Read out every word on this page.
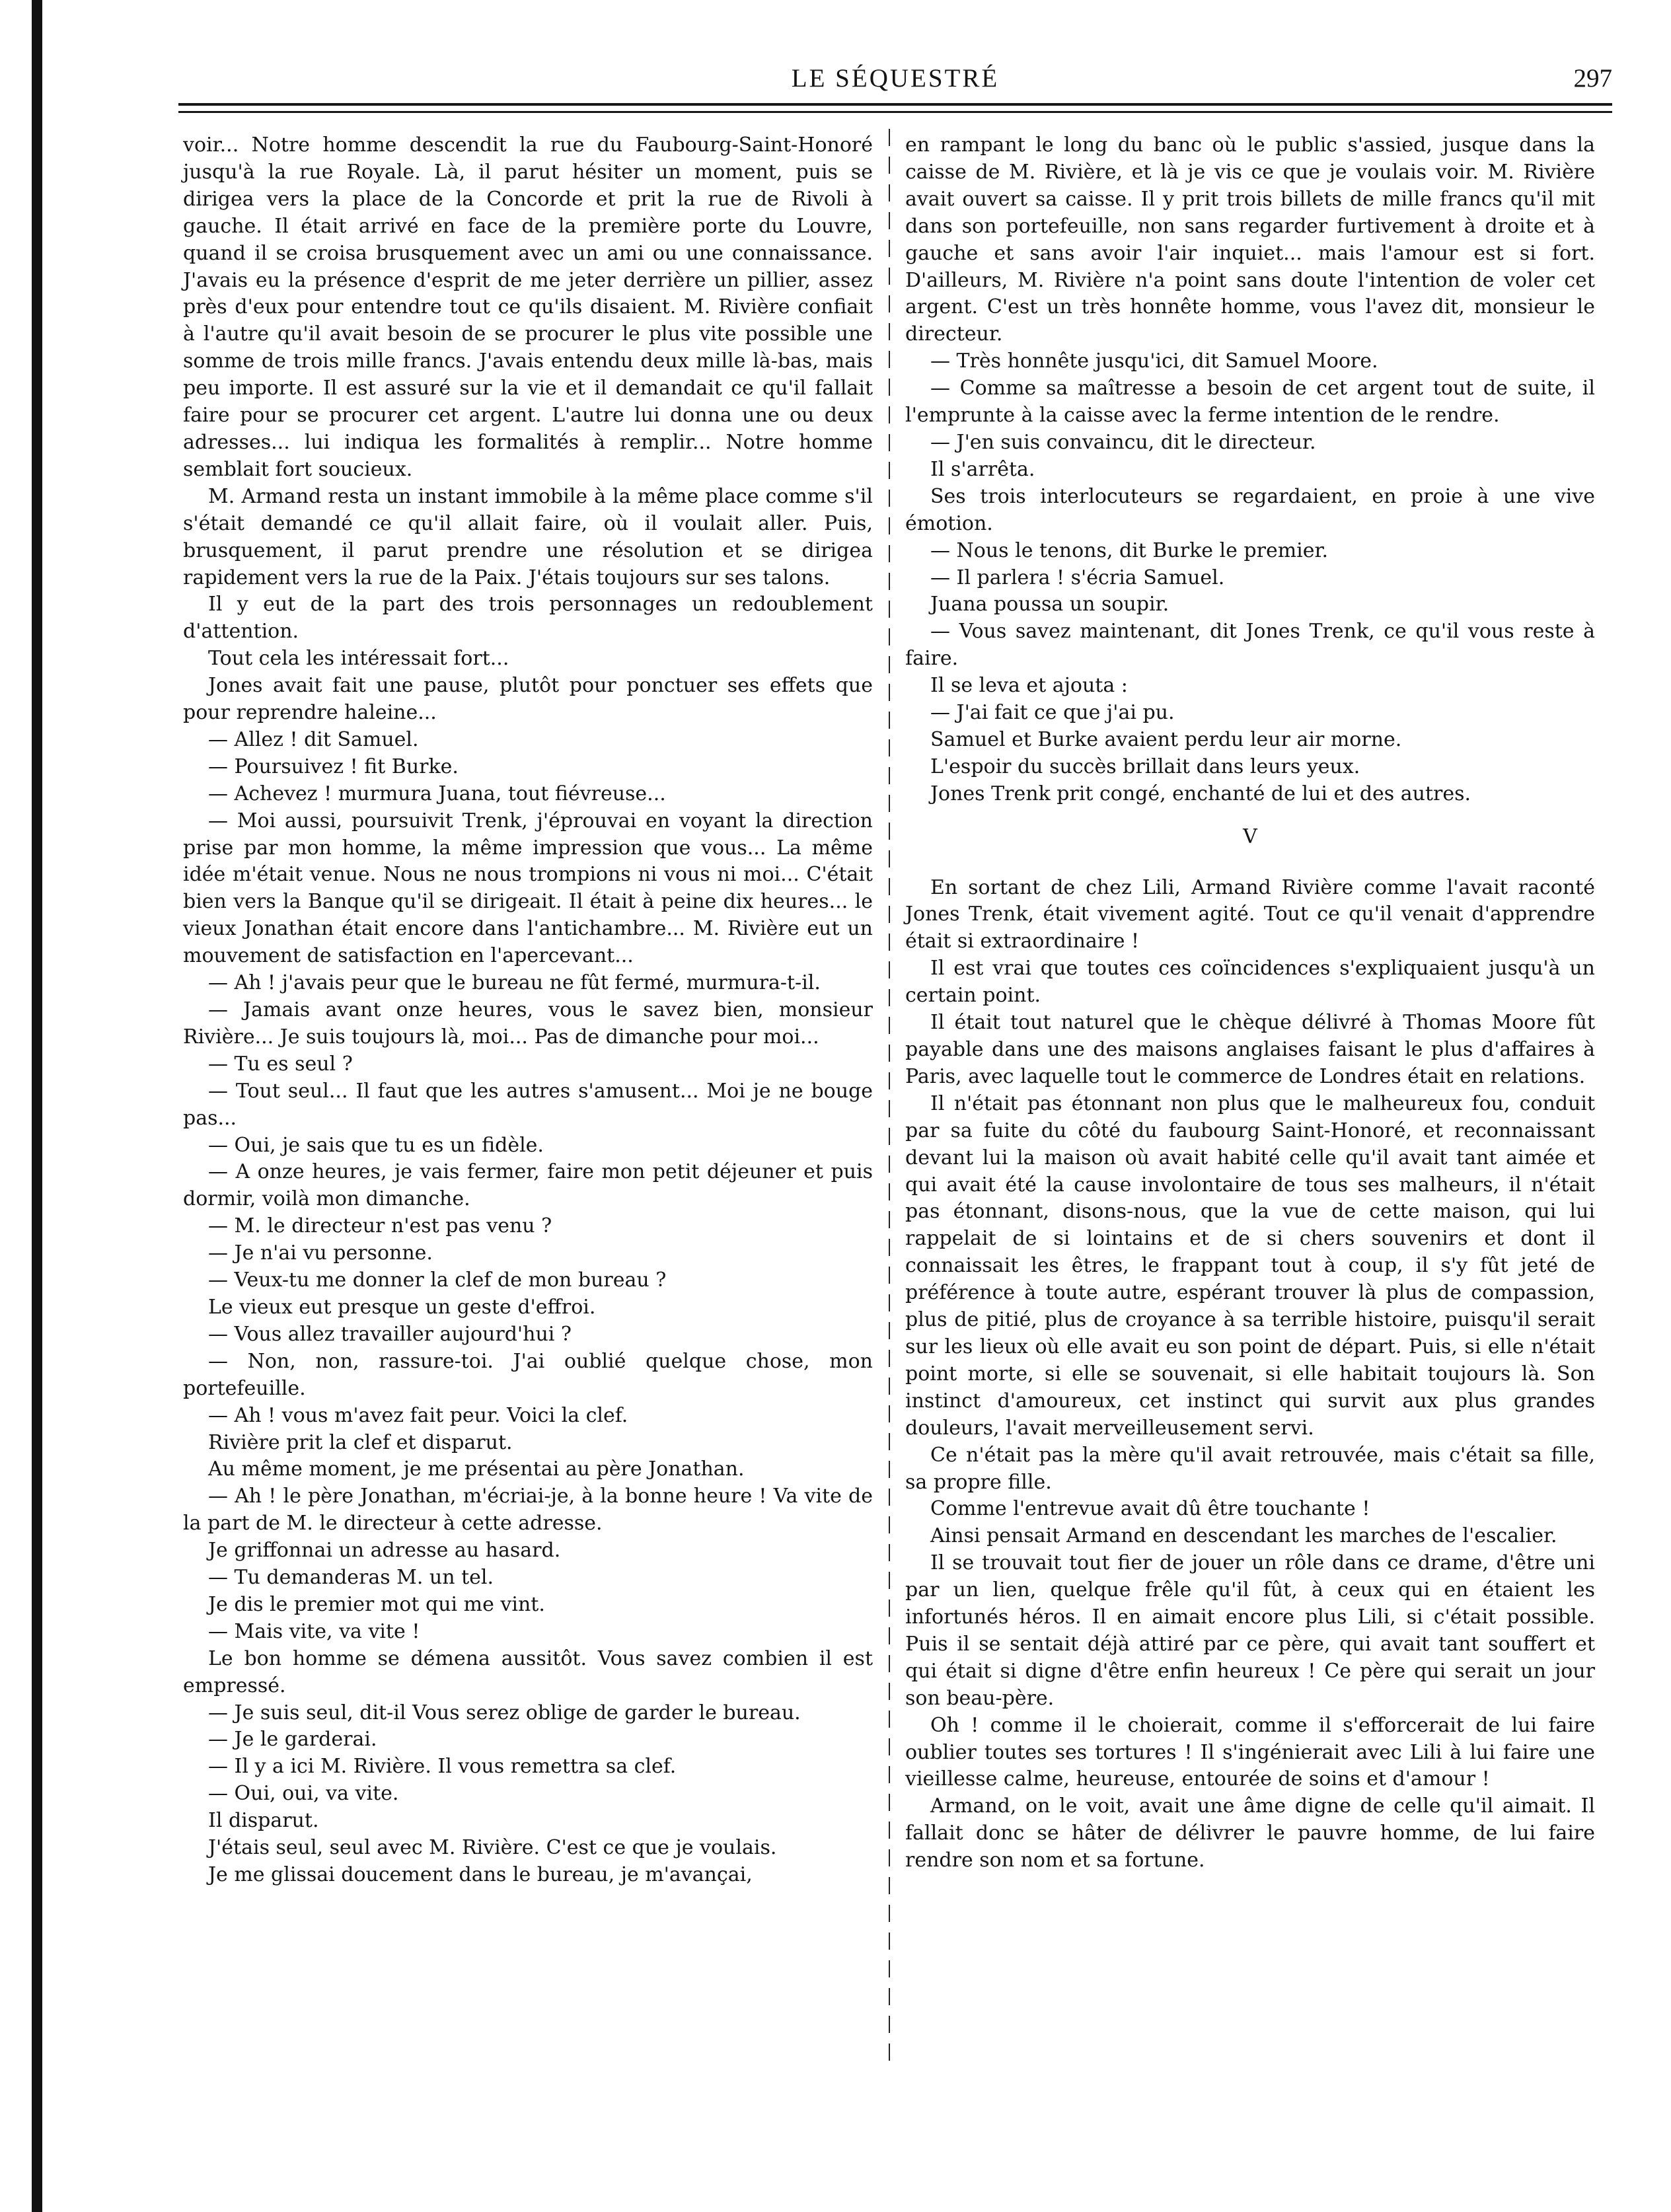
LE SÉQUESTRÉ	297

voir... Notre homme descendit la rue du Faubourg-Saint-Honoré jusqu'à la rue Royale. Là, il parut hésiter un moment, puis se dirigea vers la place de la Concorde et prit la rue de Rivoli à gauche. Il était arrivé en face de la première porte du Louvre, quand il se croisa brusquement avec un ami ou une connaissance. J'avais eu la présence d'esprit de me jeter derrière un pillier, assez près d'eux pour entendre tout ce qu'ils disaient. M. Rivière confiait à l'autre qu'il avait besoin de se procurer le plus vite possible une somme de trois mille francs. J'avais entendu deux mille là-bas, mais peu importe. Il est assuré sur la vie et il demandait ce qu'il fallait faire pour se procurer cet argent. L'autre lui donna une ou deux adresses... lui indiqua les formalités à remplir... Notre homme semblait fort soucieux.

M. Armand resta un instant immobile à la même place comme s'il s'était demandé ce qu'il allait faire, où il voulait aller. Puis, brusquement, il parut prendre une résolution et se dirigea rapidement vers la rue de la Paix. J'étais toujours sur ses talons.

Il y eut de la part des trois personnages un redoublement d'attention.

Tout cela les intéressait fort...

Jones avait fait une pause, plutôt pour ponctuer ses effets que pour reprendre haleine...

— Allez ! dit Samuel.

— Poursuivez ! fit Burke.

— Achevez ! murmura Juana, tout fiévreuse...

— Moi aussi, poursuivit Trenk, j'éprouvai en voyant la direction prise par mon homme, la même impression que vous... La même idée m'était venue. Nous ne nous trompions ni vous ni moi... C'était bien vers la Banque qu'il se dirigeait. Il était à peine dix heures... le vieux Jonathan était encore dans l'antichambre... M. Rivière eut un mouvement de satisfaction en l'apercevant...

— Ah ! j'avais peur que le bureau ne fût fermé, murmura-t-il.

— Jamais avant onze heures, vous le savez bien, monsieur Rivière... Je suis toujours là, moi... Pas de dimanche pour moi...

— Tu es seul ?

— Tout seul... Il faut que les autres s'amusent... Moi je ne bouge pas...

— Oui, je sais que tu es un fidèle.

— A onze heures, je vais fermer, faire mon petit déjeuner et puis dormir, voilà mon dimanche.

— M. le directeur n'est pas venu ?

— Je n'ai vu personne.

— Veux-tu me donner la clef de mon bureau ?

Le vieux eut presque un geste d'effroi.

— Vous allez travailler aujourd'hui ?

— Non, non, rassure-toi. J'ai oublié quelque chose, mon portefeuille.

— Ah ! vous m'avez fait peur. Voici la clef.

Rivière prit la clef et disparut.

Au même moment, je me présentai au père Jonathan.

— Ah ! le père Jonathan, m'écriai-je, à la bonne heure ! Va vite de la part de M. le directeur à cette adresse.

Je griffonnai un adresse au hasard.

— Tu demanderas M. un tel.

Je dis le premier mot qui me vint.

— Mais vite, va vite !

Le bon homme se démena aussitôt. Vous savez combien il est empressé.

— Je suis seul, dit-il Vous serez oblige de garder le bureau.

— Je le garderai.

— Il y a ici M. Rivière. Il vous remettra sa clef.

— Oui, oui, va vite.

Il disparut.

J'étais seul, seul avec M. Rivière. C'est ce que je voulais.

Je me glissai doucement dans le bureau, je m'avançai,

en rampant le long du banc où le public s'assied, jusque dans la caisse de M. Rivière, et là je vis ce que je voulais voir. M. Rivière avait ouvert sa caisse. Il y prit trois billets de mille francs qu'il mit dans son portefeuille, non sans regarder furtivement à droite et à gauche et sans avoir l'air inquiet... mais l'amour est si fort. D'ailleurs, M. Rivière n'a point sans doute l'intention de voler cet argent. C'est un très honnête homme, vous l'avez dit, monsieur le directeur.

— Très honnête jusqu'ici, dit Samuel Moore.

— Comme sa maîtresse a besoin de cet argent tout de suite, il l'emprunte à la caisse avec la ferme intention de le rendre.

— J'en suis convaincu, dit le directeur.

Il s'arrêta.

Ses trois interlocuteurs se regardaient, en proie à une vive émotion.

— Nous le tenons, dit Burke le premier.

— Il parlera ! s'écria Samuel.

Juana poussa un soupir.

— Vous savez maintenant, dit Jones Trenk, ce qu'il vous reste à faire.

Il se leva et ajouta :

— J'ai fait ce que j'ai pu.

Samuel et Burke avaient perdu leur air morne.

L'espoir du succès brillait dans leurs yeux.

Jones Trenk prit congé, enchanté de lui et des autres.

V

En sortant de chez Lili, Armand Rivière comme l'avait raconté Jones Trenk, était vivement agité. Tout ce qu'il venait d'apprendre était si extraordinaire !

Il est vrai que toutes ces coïncidences s'expliquaient jusqu'à un certain point.

Il était tout naturel que le chèque délivré à Thomas Moore fût payable dans une des maisons anglaises faisant le plus d'affaires à Paris, avec laquelle tout le commerce de Londres était en relations.

Il n'était pas étonnant non plus que le malheureux fou, conduit par sa fuite du côté du faubourg Saint-Honoré, et reconnaissant devant lui la maison où avait habité celle qu'il avait tant aimée et qui avait été la cause involontaire de tous ses malheurs, il n'était pas étonnant, disons-nous, que la vue de cette maison, qui lui rappelait de si lointains et de si chers souvenirs et dont il connaissait les êtres, le frappant tout à coup, il s'y fût jeté de préférence à toute autre, espérant trouver là plus de compassion, plus de pitié, plus de croyance à sa terrible histoire, puisqu'il serait sur les lieux où elle avait eu son point de départ. Puis, si elle n'était point morte, si elle se souvenait, si elle habitait toujours là. Son instinct d'amoureux, cet instinct qui survit aux plus grandes douleurs, l'avait merveilleusement servi.

Ce n'était pas la mère qu'il avait retrouvée, mais c'était sa fille, sa propre fille.

Comme l'entrevue avait dû être touchante !

Ainsi pensait Armand en descendant les marches de l'escalier.

Il se trouvait tout fier de jouer un rôle dans ce drame, d'être uni par un lien, quelque frêle qu'il fût, à ceux qui en étaient les infortunés héros. Il en aimait encore plus Lili, si c'était possible. Puis il se sentait déjà attiré par ce père, qui avait tant souffert et qui était si digne d'être enfin heureux ! Ce père qui serait un jour son beau-père.

Oh ! comme il le choierait, comme il s'efforcerait de lui faire oublier toutes ses tortures ! Il s'ingénierait avec Lili à lui faire une vieillesse calme, heureuse, entourée de soins et d'amour !

Armand, on le voit, avait une âme digne de celle qu'il aimait. Il fallait donc se hâter de délivrer le pauvre homme, de lui faire rendre son nom et sa fortune.
